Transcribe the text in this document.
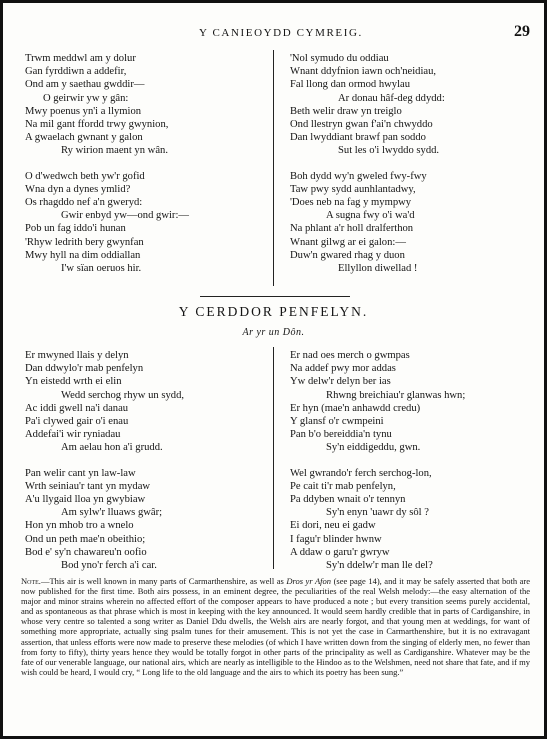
Y CANIEOYDD CYMREIG.	29
Trwm meddwl am y dolur
Gan fyrddiwn a addefir,
Ond am y saethau gwddir—
O geirwir yw y gân:
Mwy poenus yn'i a llymion
Na mil gant ffordd trwy gwynion,
A gwaelach gwnant y galon
Ry wirion maent yn wân.
O d'wedwch beth yw'r gofid
Wna dyn a dynes ymlid?
Os rhagddo nef a'n gweryd:
Gwir enbyd yw—ond gwir:—
Pob un fag iddo'i hunan
'Rhyw ledrith bery gwynfan
Mwy hyll na dim oddiallan
I'w sïan oeruos hir.
'Nol symudo du oddiau
Wnant ddyfnion iawn och'neidiau,
Fal llong dan ormod hwylau
Ar donau hâf-deg ddydd:
Beth welir draw yn treiglo
Ond llestryn gwan f'ai'n chwyddo
Dan lwyddiant brawf pan soddo
Sut les o'i lwyddo sydd.
Boh dydd wy'n gweled fwy-fwy
Taw pwy sydd aunhlantadwy,
'Does neb na fag y mympwy
A sugna fwy o'i wa'd
Na phlant a'r holl dralferthon
Wnant gilwg ar ei galon:—
Duw'n gwared rhag y duon
Ellyllon diwellad !
Y CERDDOR PENFELYN.
Ar yr un Dôn.
Er mwyned llais y delyn
Dan ddwylo'r mab penfelyn
Yn eistedd wrth ei elin
Wedd serchog rhyw un sydd,
Ac iddi gwell na'i danau
Pa'i clywed gair o'i enau
Addefai'i wir ryniadau
Am aelau hon a'i grudd.
Pan welir cant yn law-law
Wrth seiniau'r tant yn mydaw
A'u llygaid lloa yn gwybiaw
Am sylw'r lluaws gwâr;
Hon yn mhob tro a wnelo
Ond un peth mae'n obeithio;
Bod e' sy'n chawareu'n oofio
Bod yno'r ferch a'i car.
Er nad oes merch o gwmpas
Na addef pwy mor addas
Yw delw'r delyn ber ias
Rhwng breichiau'r glanwas hwn;
Er hyn (mae'n anhawdd credu)
Y glansf o'r cwmpeini
Pan b'o bereiddia'n tynu
Sy'n eiddigeddu, gwn.
Wel gwrando'r ferch serchog-lon,
Pe cait ti'r mab penfelyn,
Pa ddyben wnait o'r tennyn
Sy'n enyn 'uawr dy sôl ?
Ei dori, neu ei gadw
I fagu'r blinder hwnw
A ddaw o garu'r gwryw
Sy'n ddelw'r man lle del?
Note.—This air is well known in many parts of Carmarthenshire, as well as Dros yr Afon (see page 14), and it may be safely asserted that both are now published for the first time. Both airs possess, in an eminent degree, the peculiarities of the real Welsh melody:—the easy alternation of the major and minor strains wherein no affected effort of the composer appears to have produced a note ; but every transition seems purely accidental, and as spontaneous as that phrase which is most in keeping with the key announced. It would seem hardly credible that in parts of Cardiganshire, in whose very centre so talented a song writer as Daniel Ddu dwells, the Welsh airs are nearly forgot, and that young men at weddings, for want of something more appropriate, actually sing psalm tunes for their amusement. This is not yet the case in Carmarthenshire, but it is no extravagant assertion, that unless efforts were now made to preserve these melodies (of which I have written down from the singing of elderly men, no fewer than from forty to fifty), thirty years hence they would be totally forgot in other parts of the principality as well as Cardiganshire. Whatever may be the fate of our venerable language, our national airs, which are nearly as intelligible to the Hindoo as to the Welshmen, need not share that fate, and if my wish could be heard, I would cry, “ Long life to the old language and the airs to which its poetry has been sung.”
